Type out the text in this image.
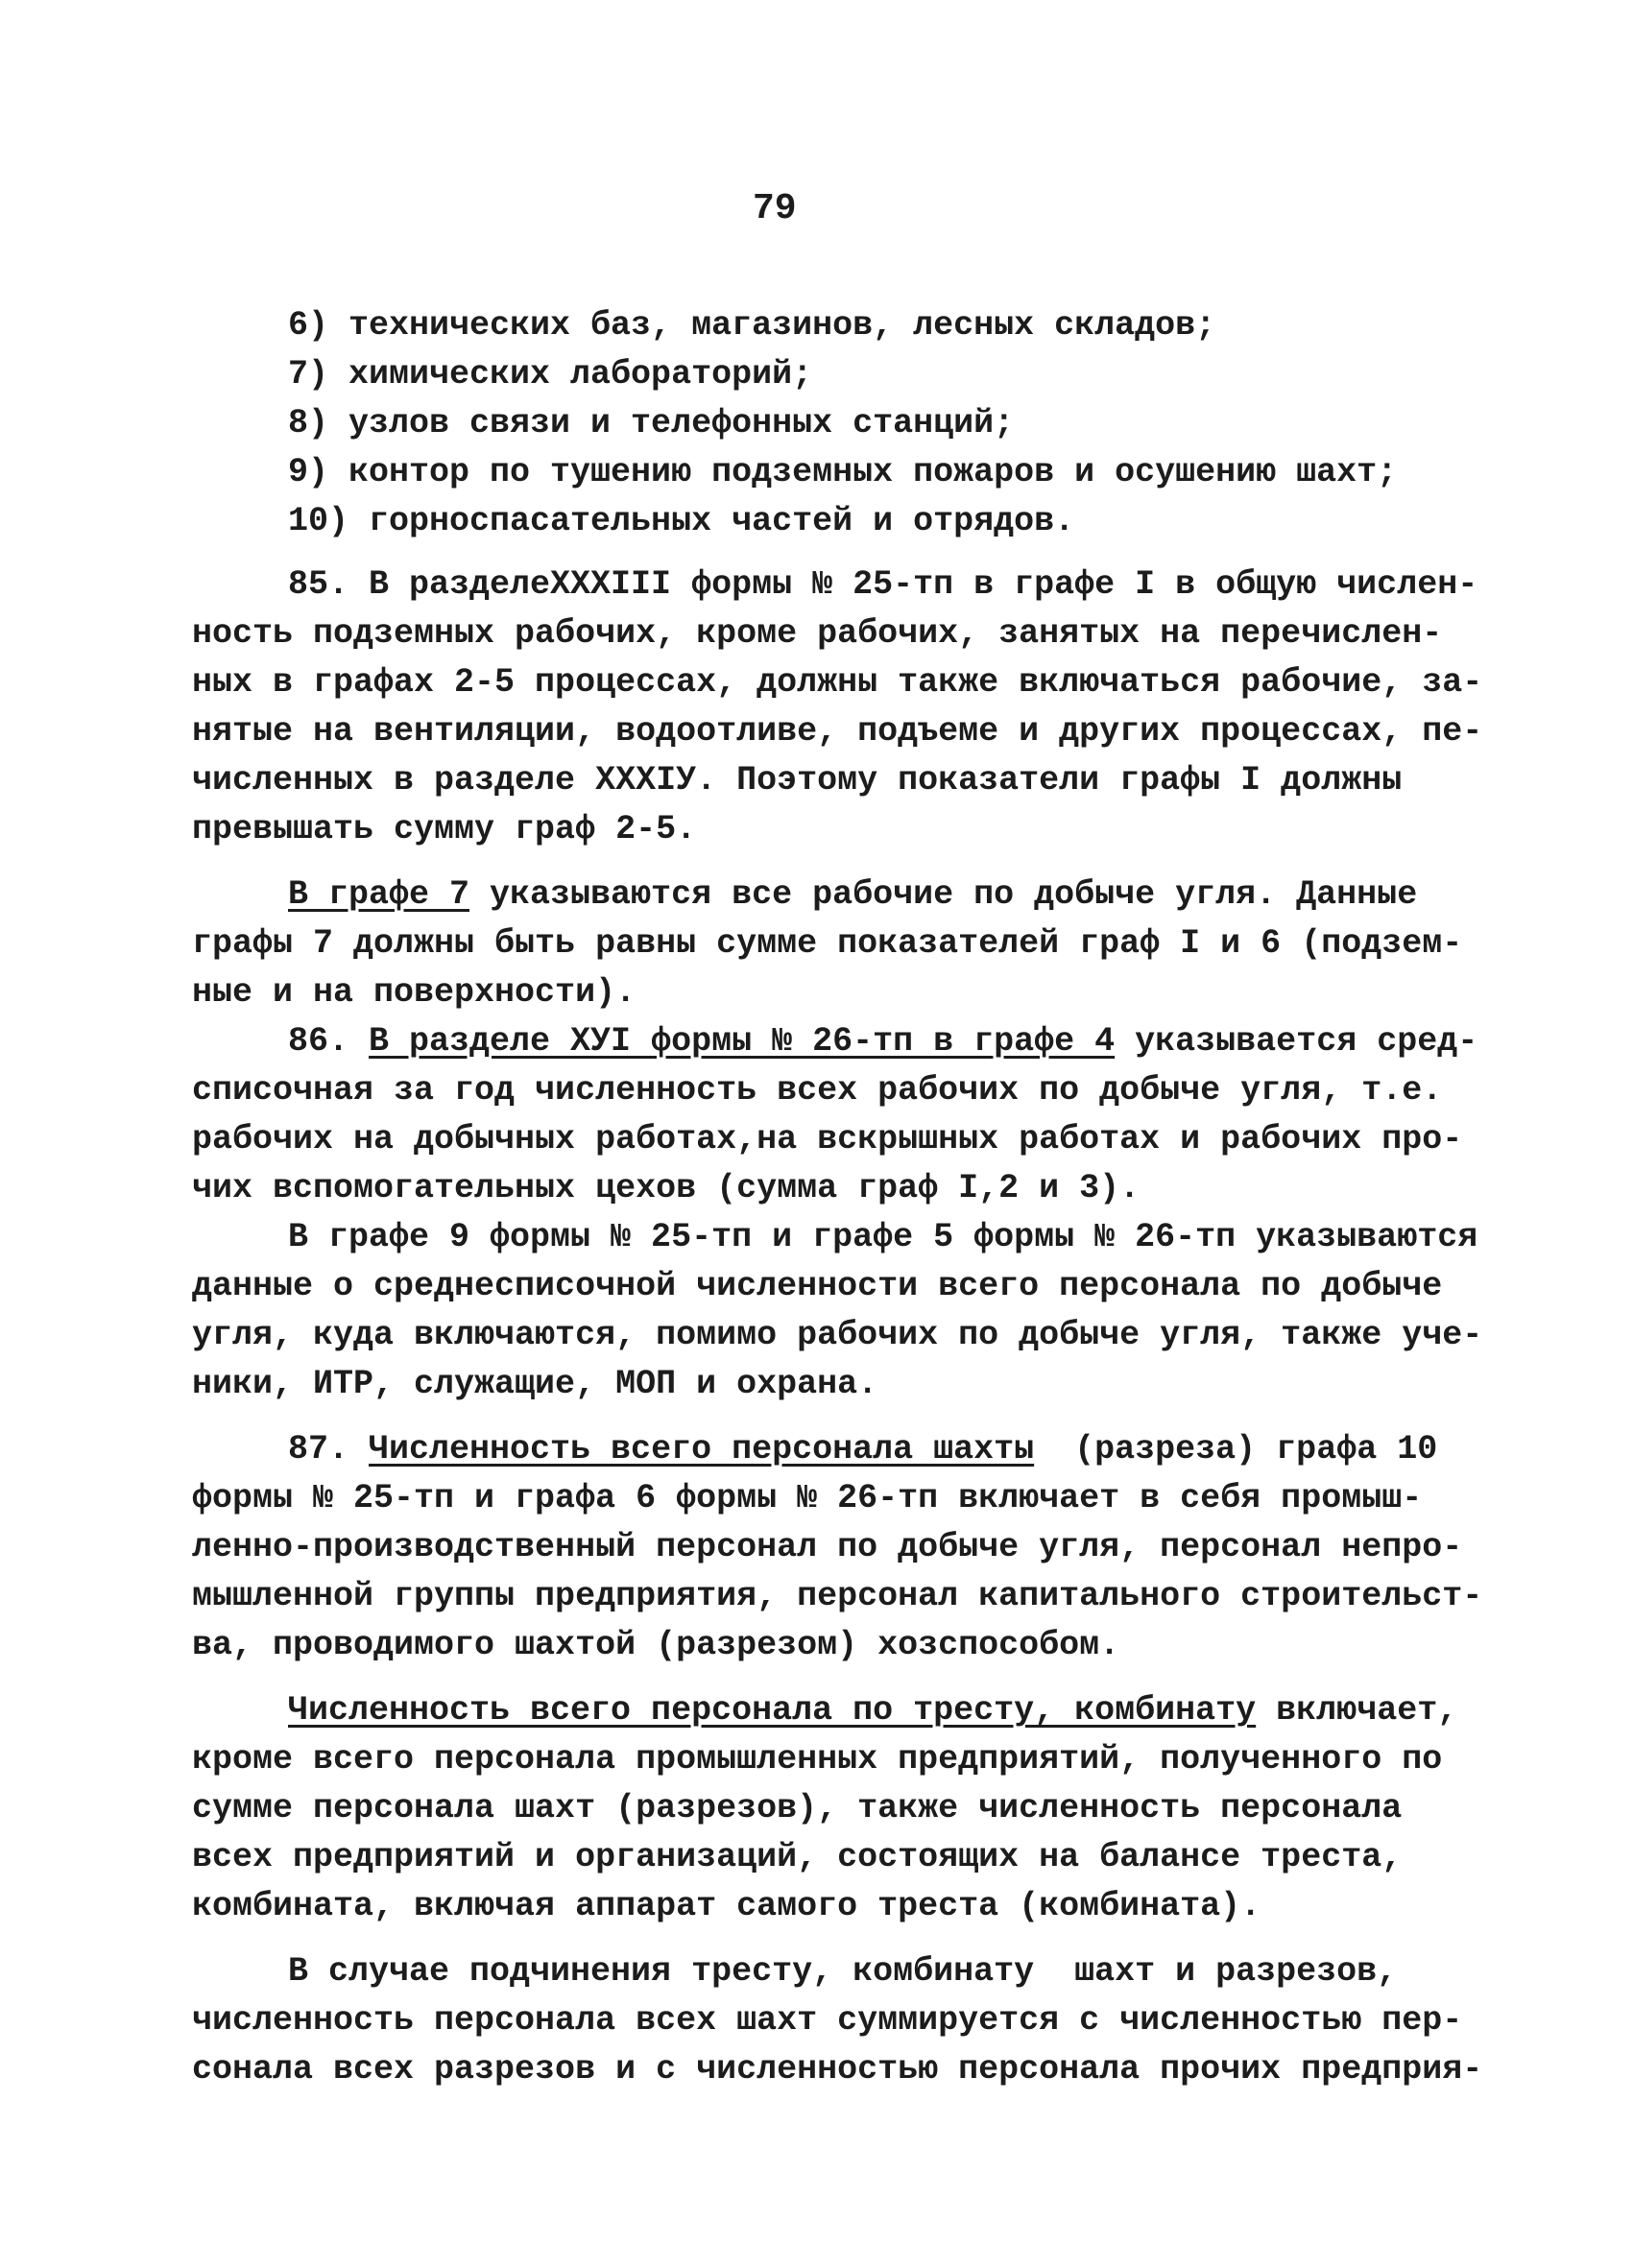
79
6) технических баз, магазинов, лесных складов;
7) химических лабораторий;
8) узлов связи и телефонных станций;
9) контор по тушению подземных пожаров и осушению шахт;
10) горноспасательных частей и отрядов.
85. В разделеXXXIII формы № 25-тп в графе I в общую числен-
ность подземных рабочих, кроме рабочих, занятых на перечислен-
ных в графах 2-5 процессах, должны также включаться рабочие, за-
нятые на вентиляции, водоотливе, подъеме и других процессах, пе-
численных в разделе XXXIУ. Поэтому показатели графы I должны
превышать сумму граф 2-5.
В графе 7 указываются все рабочие по добыче угля. Данные
графы 7 должны быть равны сумме показателей граф I и 6 (подзем-
ные и на поверхности).
86. В разделе XУI формы № 26-тп в графе 4 указывается сред-
списочная за год численность всех рабочих по добыче угля, т.е.
рабочих на добычных работах,на вскрышных работах и рабочих про-
чих вспомогательных цехов (сумма граф I,2 и 3).
В графе 9 формы № 25-тп и графе 5 формы № 26-тп указываются
данные о среднесписочной численности всего персонала по добыче
угля, куда включаются, помимо рабочих по добыче угля, также уче-
ники, ИТР, служащие, МОП и охрана.
87. Численность всего персонала шахты  (разреза) графа 10
формы № 25-тп и графа 6 формы № 26-тп включает в себя промыш-
ленно-производственный персонал по добыче угля, персонал непро-
мышленной группы предприятия, персонал капитального строительст-
ва, проводимого шахтой (разрезом) хозспособом.
Численность всего персонала по тресту, комбинату включает,
кроме всего персонала промышленных предприятий, полученного по
сумме персонала шахт (разрезов), также численность персонала
всех предприятий и организаций, состоящих на балансе треста,
комбината, включая аппарат самого треста (комбината).
В случае подчинения тресту, комбинату  шахт и разрезов,
численность персонала всех шахт суммируется с численностью пер-
сонала всех разрезов и с численностью персонала прочих предприя-
